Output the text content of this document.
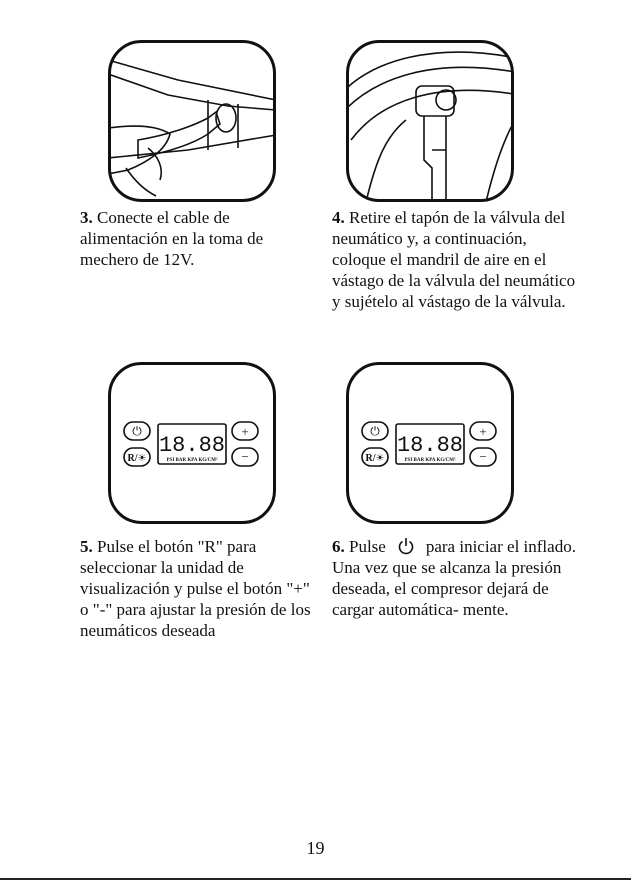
⏻
R/☀
18.88
PSI BAR KPA KG/CM²
+
−
⏻
R/☀
18.88
PSI BAR KPA KG/CM²
+
−
3. Conecte el cable de alimentación en la toma de mechero de 12V.
4. Retire el tapón de la válvula del neumático y, a continuación, coloque el mandril de aire en el vástago de la válvula del neumático y sujételo al vástago de la válvula.
5. Pulse el botón "R" para seleccionar la unidad de visualización y pulse el botón "+" o "-" para ajustar la presión de los neumáticos deseada
6. Pulse para iniciar el inflado. Una vez que se alcanza la presión deseada, el compresor dejará de cargar automática- mente.
19
